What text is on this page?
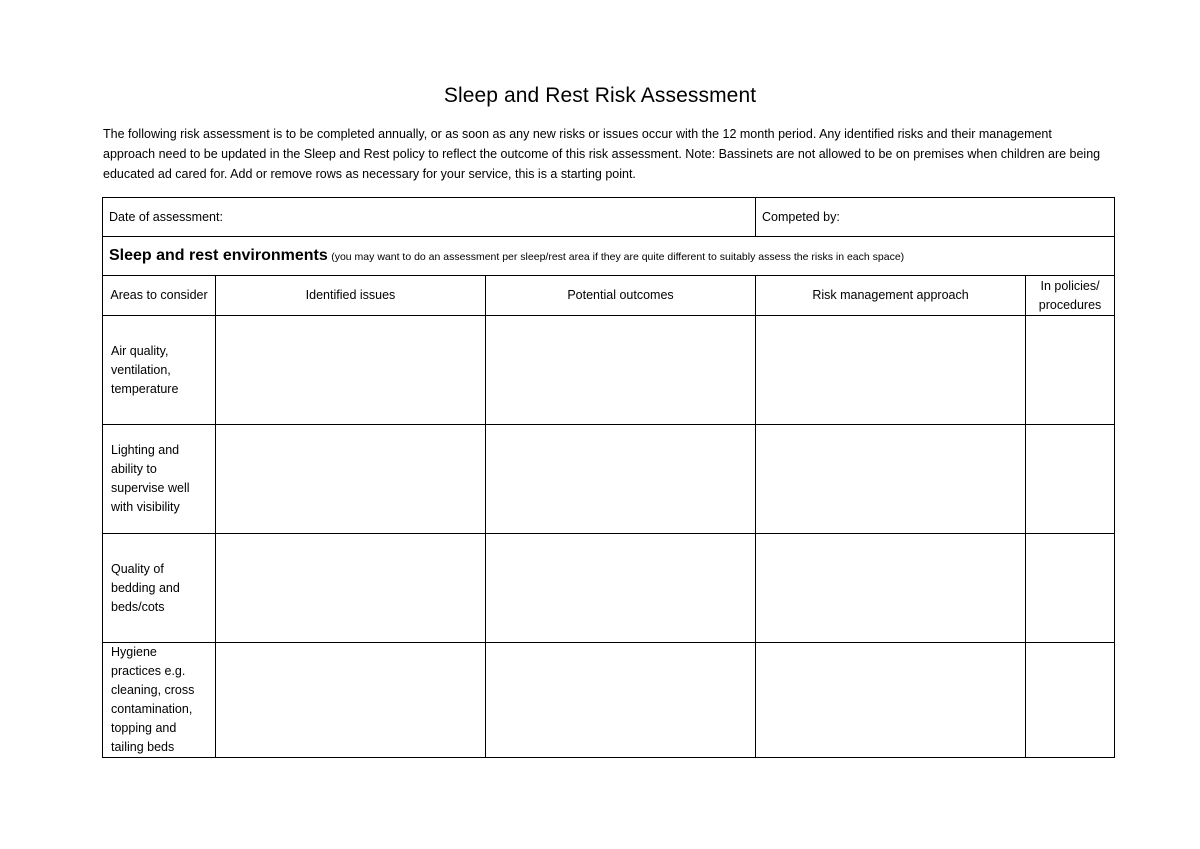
Sleep and Rest Risk Assessment

The following risk assessment is to be completed annually, or as soon as any new risks or issues occur with the 12 month period. Any identified risks and their management approach need to be updated in the Sleep and Rest policy to reflect the outcome of this risk assessment. Note: Bassinets are not allowed to be on premises when children are being educated ad cared for. Add or remove rows as necessary for your service, this is a starting point.

Date of assessment:			Competed by:	
Sleep and rest environments (you may want to do an assessment per sleep/rest area if they are quite different to suitably assess the risks in each space)				
Areas to consider	Identified issues	Potential outcomes	Risk management approach	In policies/ procedures
Air quality, ventilation, temperature				
Lighting and ability to supervise well with visibility				
Quality of bedding and beds/cots				
Hygiene practices e.g. cleaning, cross contamination, topping and tailing beds				
